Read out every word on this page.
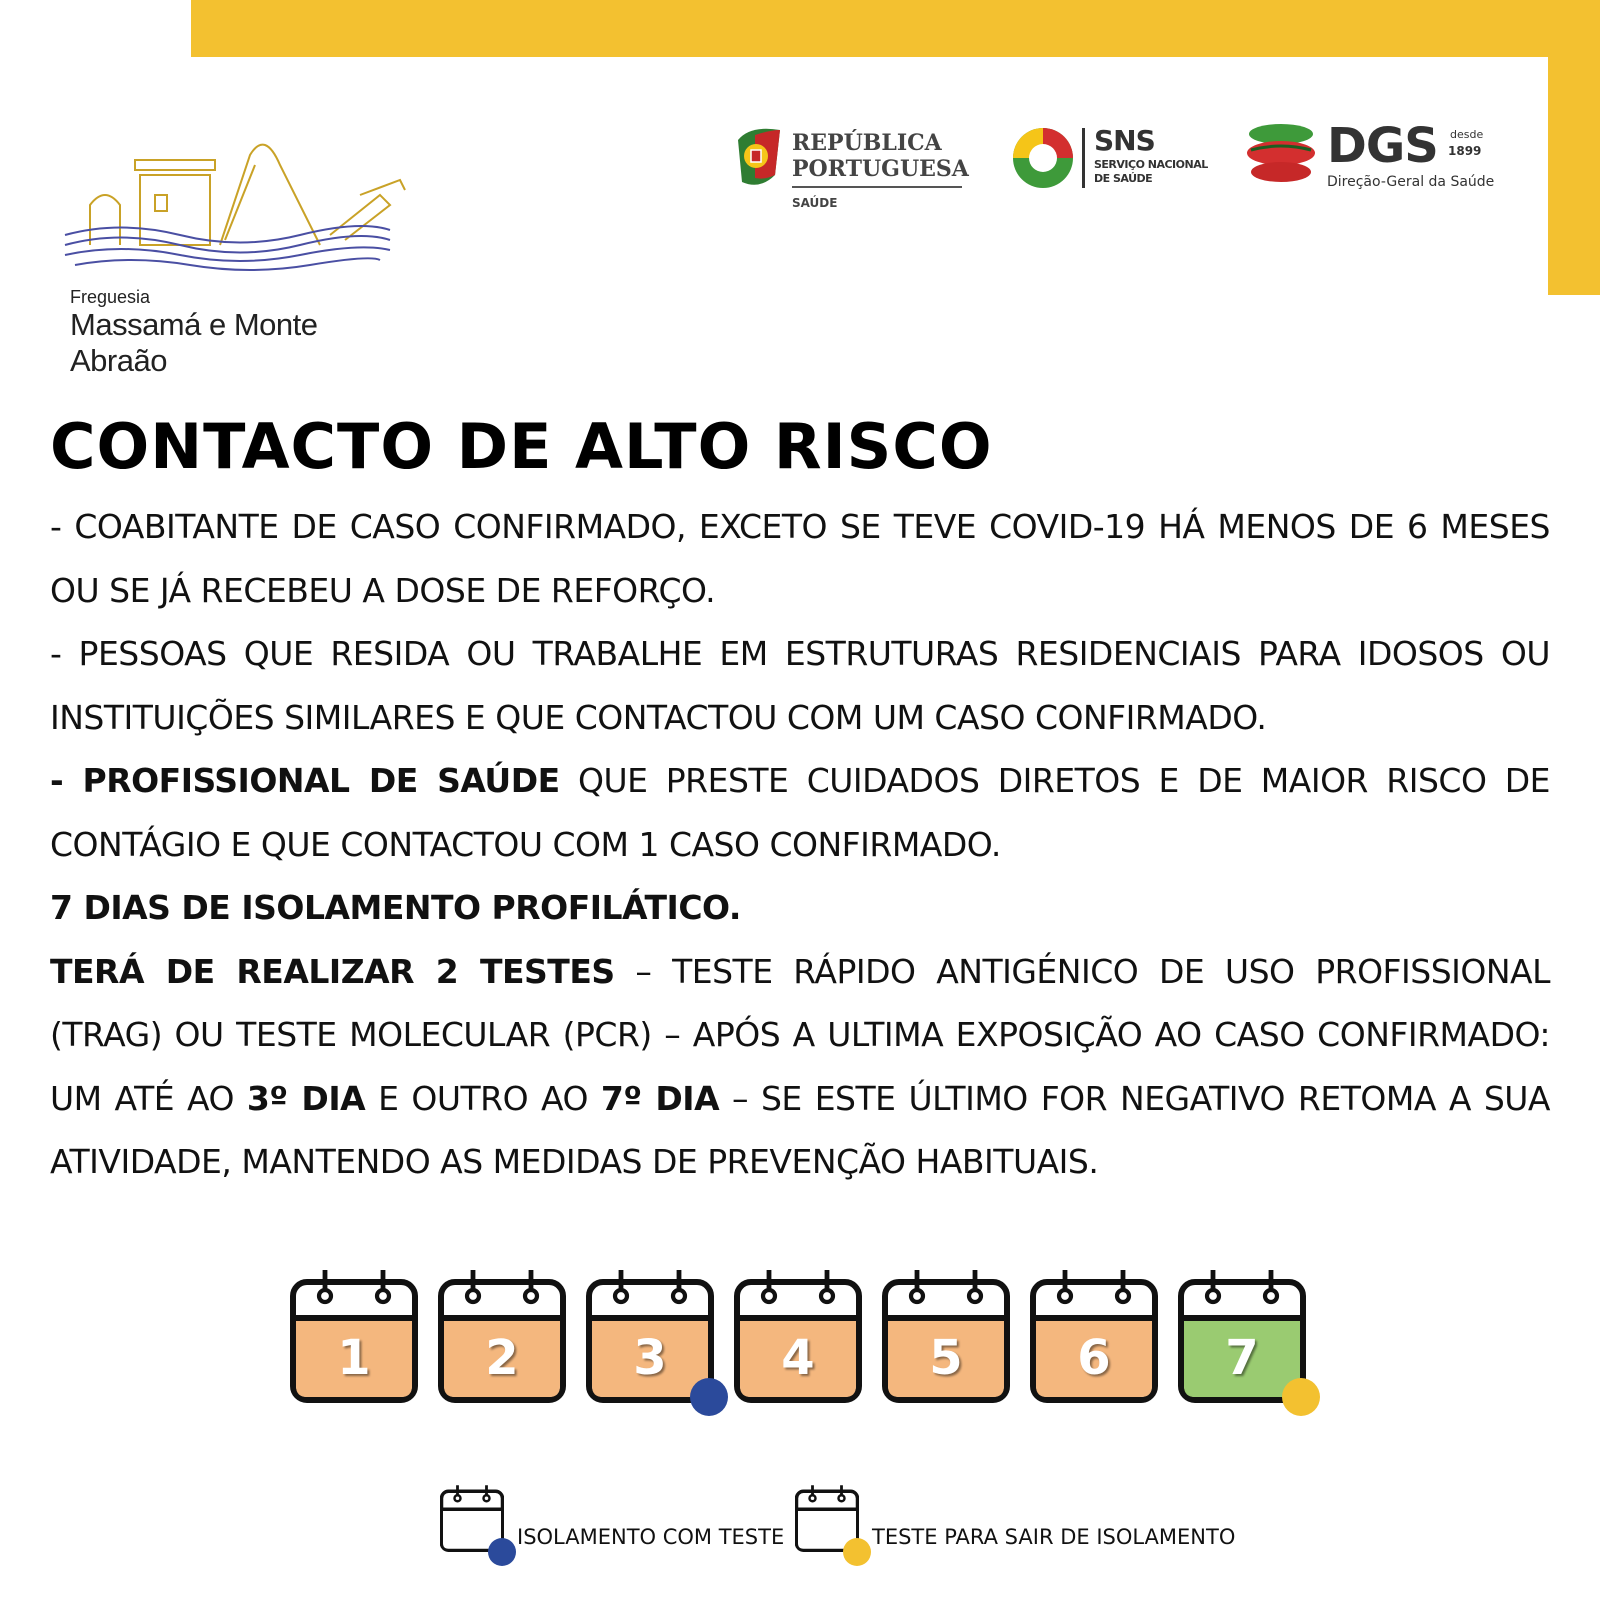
Freguesia
Massamá e Monte Abraão
REPÚBLICA
PORTUGUESA
SAÚDE
SNS
SERVIÇO NACIONAL
DE SAÚDE
DGS desde
1899
Direção-Geral da Saúde
CONTACTO DE ALTO RISCO

- COABITANTE DE CASO CONFIRMADO, EXCETO SE TEVE COVID-19 HÁ MENOS DE 6 MESES OU SE JÁ RECEBEU A DOSE DE REFORÇO.

- PESSOAS QUE RESIDA OU TRABALHE EM ESTRUTURAS RESIDENCIAIS PARA IDOSOS OU INSTITUIÇÕES SIMILARES E QUE CONTACTOU COM UM CASO CONFIRMADO.

- PROFISSIONAL DE SAÚDE QUE PRESTE CUIDADOS DIRETOS E DE MAIOR RISCO DE CONTÁGIO E QUE CONTACTOU COM 1 CASO CONFIRMADO.

7 DIAS DE ISOLAMENTO PROFILÁTICO.

TERÁ DE REALIZAR 2 TESTES – TESTE RÁPIDO ANTIGÉNICO DE USO PROFISSIONAL (TRAG) OU TESTE MOLECULAR (PCR) – APÓS A ULTIMA EXPOSIÇÃO AO CASO CONFIRMADO: UM ATÉ AO 3º DIA E OUTRO AO 7º DIA – SE ESTE ÚLTIMO FOR NEGATIVO RETOMA A SUA ATIVIDADE, MANTENDO AS MEDIDAS DE PREVENÇÃO HABITUAIS.

1	2	3	4	5	6	7
ISOLAMENTO COM TESTE	TESTE PARA SAIR DE ISOLAMENTO
